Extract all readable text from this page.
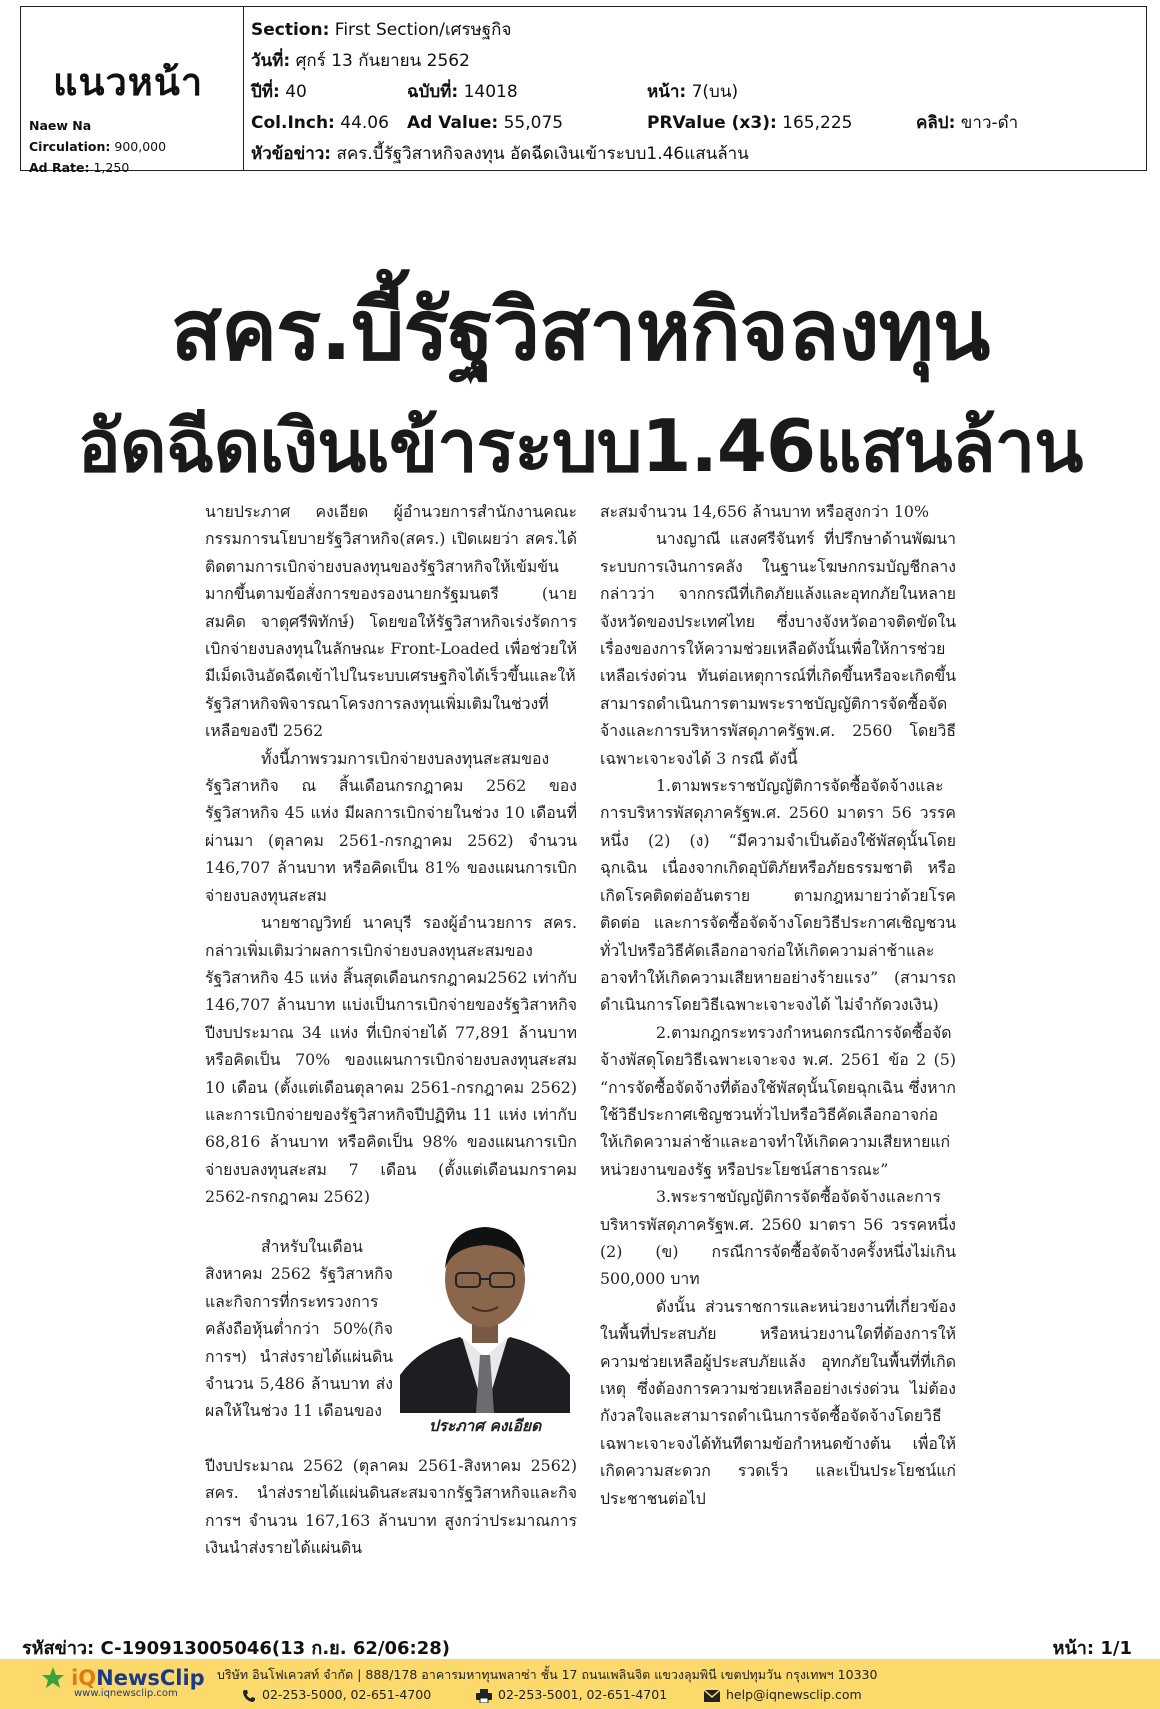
แนวหน้า
Naew Na
Circulation: 900,000
Ad Rate: 1,250
Section: First Section/เศรษฐกิจ
วันที่: ศุกร์ 13 กันยายน 2562
ปีที่: 40	ฉบับที่: 14018	หน้า: 7(บน)
Col.Inch: 44.06 Ad Value: 55,075	PRValue (x3): 165,225	คลิป: ขาว-ดำ
หัวข้อข่าว: สคร.บี้รัฐวิสาหกิจลงทุน อัดฉีดเงินเข้าระบบ1.46แสนล้าน
สคร.บี้รัฐวิสาหกิจลงทุน
อัดฉีดเงินเข้าระบบ1.46แสนล้าน

นายประภาศ คงเอียด ผู้อำนวยการสำนักงานคณะกรรมการนโยบายรัฐวิสาหกิจ(สคร.) เปิดเผยว่า สคร.ได้ติดตามการเบิกจ่ายงบลงทุนของรัฐวิสาหกิจให้เข้มข้นมากขึ้นตามข้อสั่งการของรองนายกรัฐมนตรี (นายสมคิด จาตุศรีพิทักษ์) โดยขอให้รัฐวิสาหกิจเร่งรัดการเบิกจ่ายงบลงทุนในลักษณะ Front-Loaded เพื่อช่วยให้มีเม็ดเงินอัดฉีดเข้าไปในระบบเศรษฐกิจได้เร็วขึ้นและให้รัฐวิสาหกิจพิจารณาโครงการลงทุนเพิ่มเติมในช่วงที่เหลือของปี 2562

ทั้งนี้ภาพรวมการเบิกจ่ายงบลงทุนสะสมของรัฐวิสาหกิจ ณ สิ้นเดือนกรกฎาคม 2562 ของรัฐวิสาหกิจ 45 แห่ง มีผลการเบิกจ่ายในช่วง 10 เดือนที่ผ่านมา (ตุลาคม 2561-กรกฎาคม 2562) จำนวน 146,707 ล้านบาท หรือคิดเป็น 81% ของแผนการเบิกจ่ายงบลงทุนสะสม

นายชาญวิทย์ นาคบุรี รองผู้อำนวยการ สคร. กล่าวเพิ่มเติมว่าผลการเบิกจ่ายงบลงทุนสะสมของรัฐวิสาหกิจ 45 แห่ง สิ้นสุดเดือนกรกฎาคม2562 เท่ากับ 146,707 ล้านบาท แบ่งเป็นการเบิกจ่ายของรัฐวิสาหกิจปีงบประมาณ 34 แห่ง ที่เบิกจ่ายได้ 77,891 ล้านบาท หรือคิดเป็น 70% ของแผนการเบิกจ่ายงบลงทุนสะสม 10 เดือน (ตั้งแต่เดือนตุลาคม 2561-กรกฎาคม 2562) และการเบิกจ่ายของรัฐวิสาหกิจปีปฏิทิน 11 แห่ง เท่ากับ 68,816 ล้านบาท หรือคิดเป็น 98% ของแผนการเบิกจ่ายงบลงทุนสะสม 7 เดือน (ตั้งแต่เดือนมกราคม 2562-กรกฎาคม 2562)

สำหรับในเดือนสิงหาคม 2562 รัฐวิสาหกิจและกิจการที่กระทรวงการคลังถือหุ้นต่ำกว่า 50%(กิจการฯ) นำส่งรายได้แผ่นดิน จำนวน 5,486 ล้านบาท ส่งผลให้ในช่วง 11 เดือนของ

ปีงบประมาณ 2562 (ตุลาคม 2561-สิงหาคม 2562) สคร. นำส่งรายได้แผ่นดินสะสมจากรัฐวิสาหกิจและกิจการฯ จำนวน 167,163 ล้านบาท สูงกว่าประมาณการเงินนำส่งรายได้แผ่นดิน

ประภาศ คงเอียด

สะสมจำนวน 14,656 ล้านบาท หรือสูงกว่า 10%

นางญาณี แสงศรีจันทร์ ที่ปรึกษาด้านพัฒนาระบบการเงินการคลัง ในฐานะโฆษกกรมบัญชีกลาง กล่าวว่า จากกรณีที่เกิดภัยแล้งและอุทกภัยในหลายจังหวัดของประเทศไทย ซึ่งบางจังหวัดอาจติดขัดในเรื่องของการให้ความช่วยเหลือดังนั้นเพื่อให้การช่วยเหลือเร่งด่วน ทันต่อเหตุการณ์ที่เกิดขึ้นหรือจะเกิดขึ้น สามารถดำเนินการตามพระราชบัญญัติการจัดซื้อจัดจ้างและการบริหารพัสดุภาครัฐพ.ศ. 2560 โดยวิธีเฉพาะเจาะจงได้ 3 กรณี ดังนี้

1.ตามพระราชบัญญัติการจัดซื้อจัดจ้างและการบริหารพัสดุภาครัฐพ.ศ. 2560 มาตรา 56 วรรคหนึ่ง (2) (ง) “มีความจำเป็นต้องใช้พัสดุนั้นโดยฉุกเฉิน เนื่องจากเกิดอุบัติภัยหรือภัยธรรมชาติ หรือเกิดโรคติดต่ออันตราย ตามกฎหมายว่าด้วยโรคติดต่อ และการจัดซื้อจัดจ้างโดยวิธีประกาศเชิญชวนทั่วไปหรือวิธีคัดเลือกอาจก่อให้เกิดความล่าช้าและอาจทำให้เกิดความเสียหายอย่างร้ายแรง” (สามารถดำเนินการโดยวิธีเฉพาะเจาะจงได้ ไม่จำกัดวงเงิน)

2.ตามกฎกระทรวงกำหนดกรณีการจัดซื้อจัดจ้างพัสดุโดยวิธีเฉพาะเจาะจง พ.ศ. 2561 ข้อ 2 (5) “การจัดซื้อจัดจ้างที่ต้องใช้พัสดุนั้นโดยฉุกเฉิน ซึ่งหากใช้วิธีประกาศเชิญชวนทั่วไปหรือวิธีคัดเลือกอาจก่อให้เกิดความล่าช้าและอาจทำให้เกิดความเสียหายแก่หน่วยงานของรัฐ หรือประโยชน์สาธารณะ”

3.พระราชบัญญัติการจัดซื้อจัดจ้างและการบริหารพัสดุภาครัฐพ.ศ. 2560 มาตรา 56 วรรคหนึ่ง (2) (ข) กรณีการจัดซื้อจัดจ้างครั้งหนึ่งไม่เกิน 500,000 บาท

ดังนั้น ส่วนราชการและหน่วยงานที่เกี่ยวข้องในพื้นที่ประสบภัย หรือหน่วยงานใดที่ต้องการให้ความช่วยเหลือผู้ประสบภัยแล้ง อุทกภัยในพื้นที่ที่เกิดเหตุ ซึ่งต้องการความช่วยเหลืออย่างเร่งด่วน ไม่ต้องกังวลใจและสามารถดำเนินการจัดซื้อจัดจ้างโดยวิธีเฉพาะเจาะจงได้ทันทีตามข้อกำหนดข้างต้น เพื่อให้เกิดความสะดวก รวดเร็ว และเป็นประโยชน์แก่ประชาชนต่อไป

รหัสข่าว: C-190913005046(13 ก.ย. 62/06:28)	หน้า: 1/1
iQNewsClip
www.iqnewsclip.com
บริษัท อินโฟเควสท์ จำกัด | 888/178 อาคารมหาทุนพลาซ่า ชั้น 17 ถนนเพลินจิต แขวงลุมพินี เขตปทุมวัน กรุงเทพฯ 10330
02-253-5000, 02-651-4700	02-253-5001, 02-651-4701	help@iqnewsclip.com
